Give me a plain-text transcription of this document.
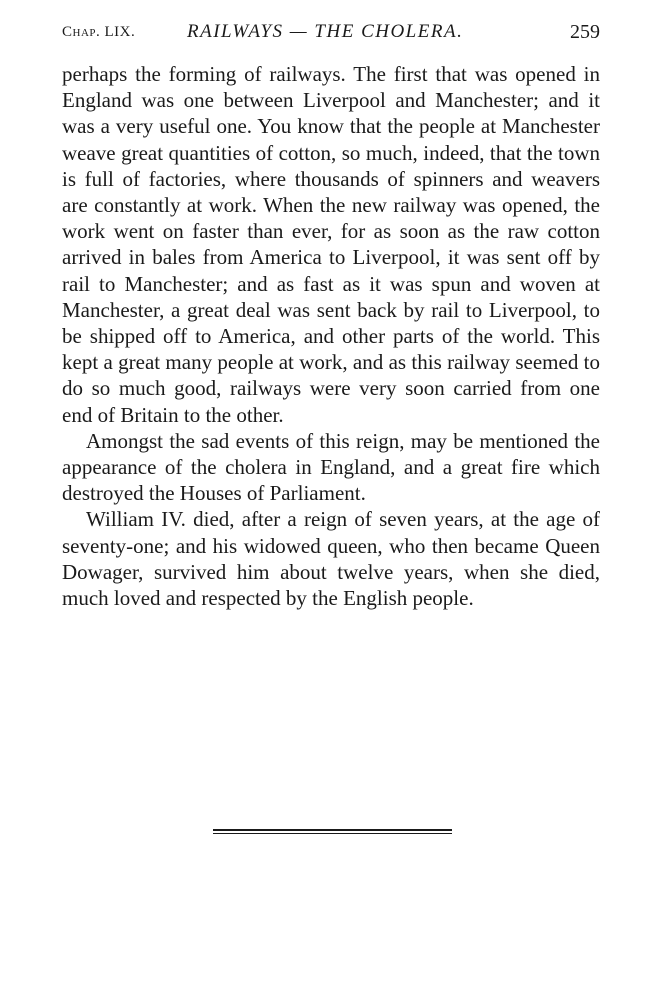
Chap. LIX.	RAILWAYS — THE CHOLERA.	259

perhaps the forming of railways. The first that was opened in England was one between Liverpool and Manchester; and it was a very useful one. You know that the people at Manchester weave great quantities of cotton, so much, indeed, that the town is full of factories, where thousands of spinners and weavers are constantly at work. When the new railway was opened, the work went on faster than ever, for as soon as the raw cotton arrived in bales from America to Liverpool, it was sent off by rail to Manchester; and as fast as it was spun and woven at Manchester, a great deal was sent back by rail to Liverpool, to be shipped off to America, and other parts of the world. This kept a great many people at work, and as this railway seemed to do so much good, railways were very soon carried from one end of Britain to the other.

Amongst the sad events of this reign, may be mentioned the appearance of the cholera in England, and a great fire which destroyed the Houses of Parliament.

William IV. died, after a reign of seven years, at the age of seventy-one; and his widowed queen, who then became Queen Dowager, survived him about twelve years, when she died, much loved and respected by the English people.
